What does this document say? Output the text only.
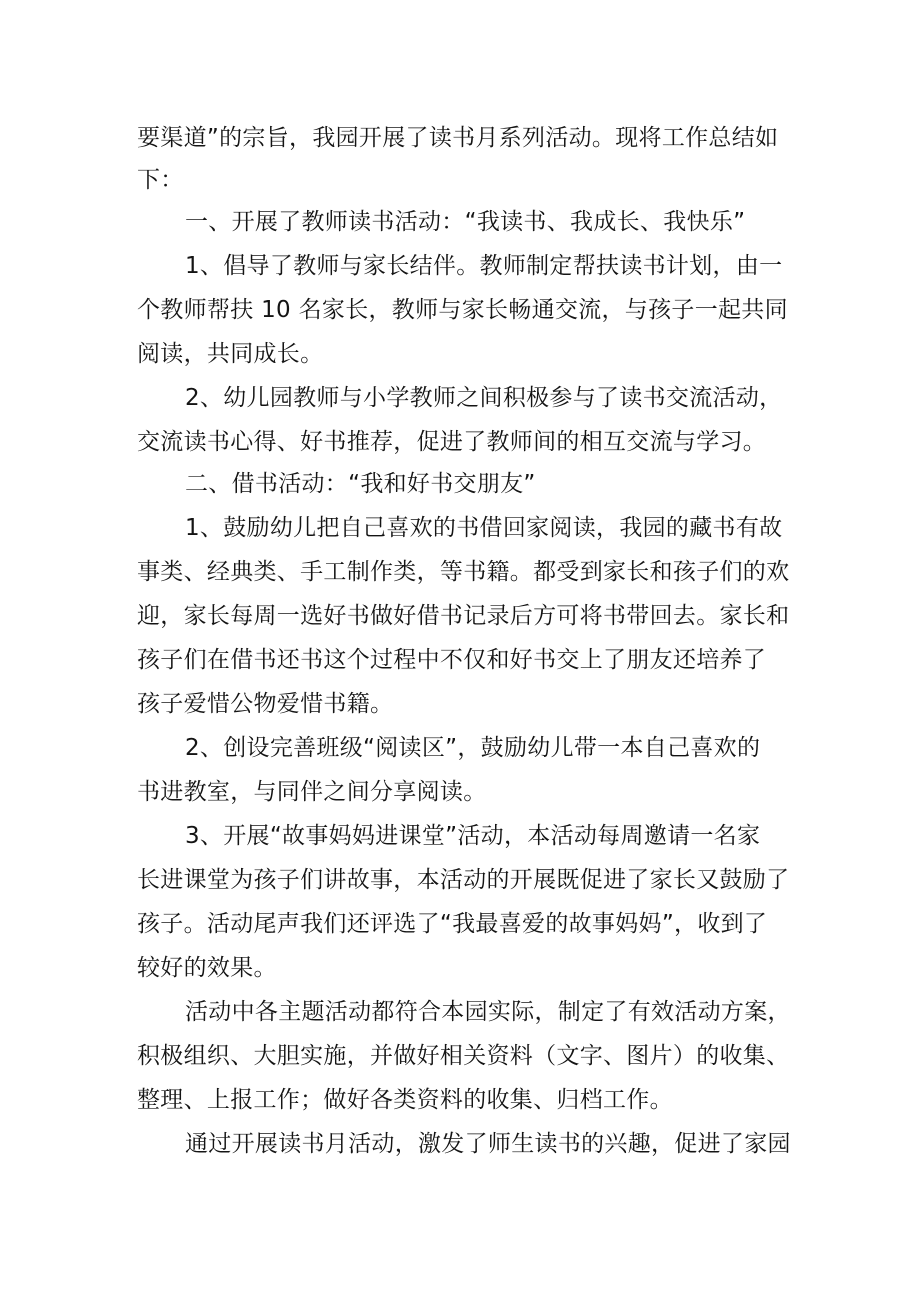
要渠道”的宗旨，我园开展了读书月系列活动。现将工作总结如
下：
一、开展了教师读书活动：“我读书、我成长、我快乐”
1、倡导了教师与家长结伴。教师制定帮扶读书计划，由一
个教师帮扶 10 名家长，教师与家长畅通交流，与孩子一起共同
阅读，共同成长。
2、幼儿园教师与小学教师之间积极参与了读书交流活动，
交流读书心得、好书推荐，促进了教师间的相互交流与学习。
二、借书活动：“我和好书交朋友”
1、鼓励幼儿把自己喜欢的书借回家阅读，我园的藏书有故
事类、经典类、手工制作类，等书籍。都受到家长和孩子们的欢
迎，家长每周一选好书做好借书记录后方可将书带回去。家长和
孩子们在借书还书这个过程中不仅和好书交上了朋友还培养了
孩子爱惜公物爱惜书籍。
2、创设完善班级“阅读区”，鼓励幼儿带一本自己喜欢的
书进教室，与同伴之间分享阅读。
3、开展“故事妈妈进课堂”活动，本活动每周邀请一名家
长进课堂为孩子们讲故事，本活动的开展既促进了家长又鼓励了
孩子。活动尾声我们还评选了“我最喜爱的故事妈妈”，收到了
较好的效果。
活动中各主题活动都符合本园实际，制定了有效活动方案，
积极组织、大胆实施，并做好相关资料（文字、图片）的收集、
整理、上报工作；做好各类资料的收集、归档工作。
通过开展读书月活动，激发了师生读书的兴趣，促进了家园
